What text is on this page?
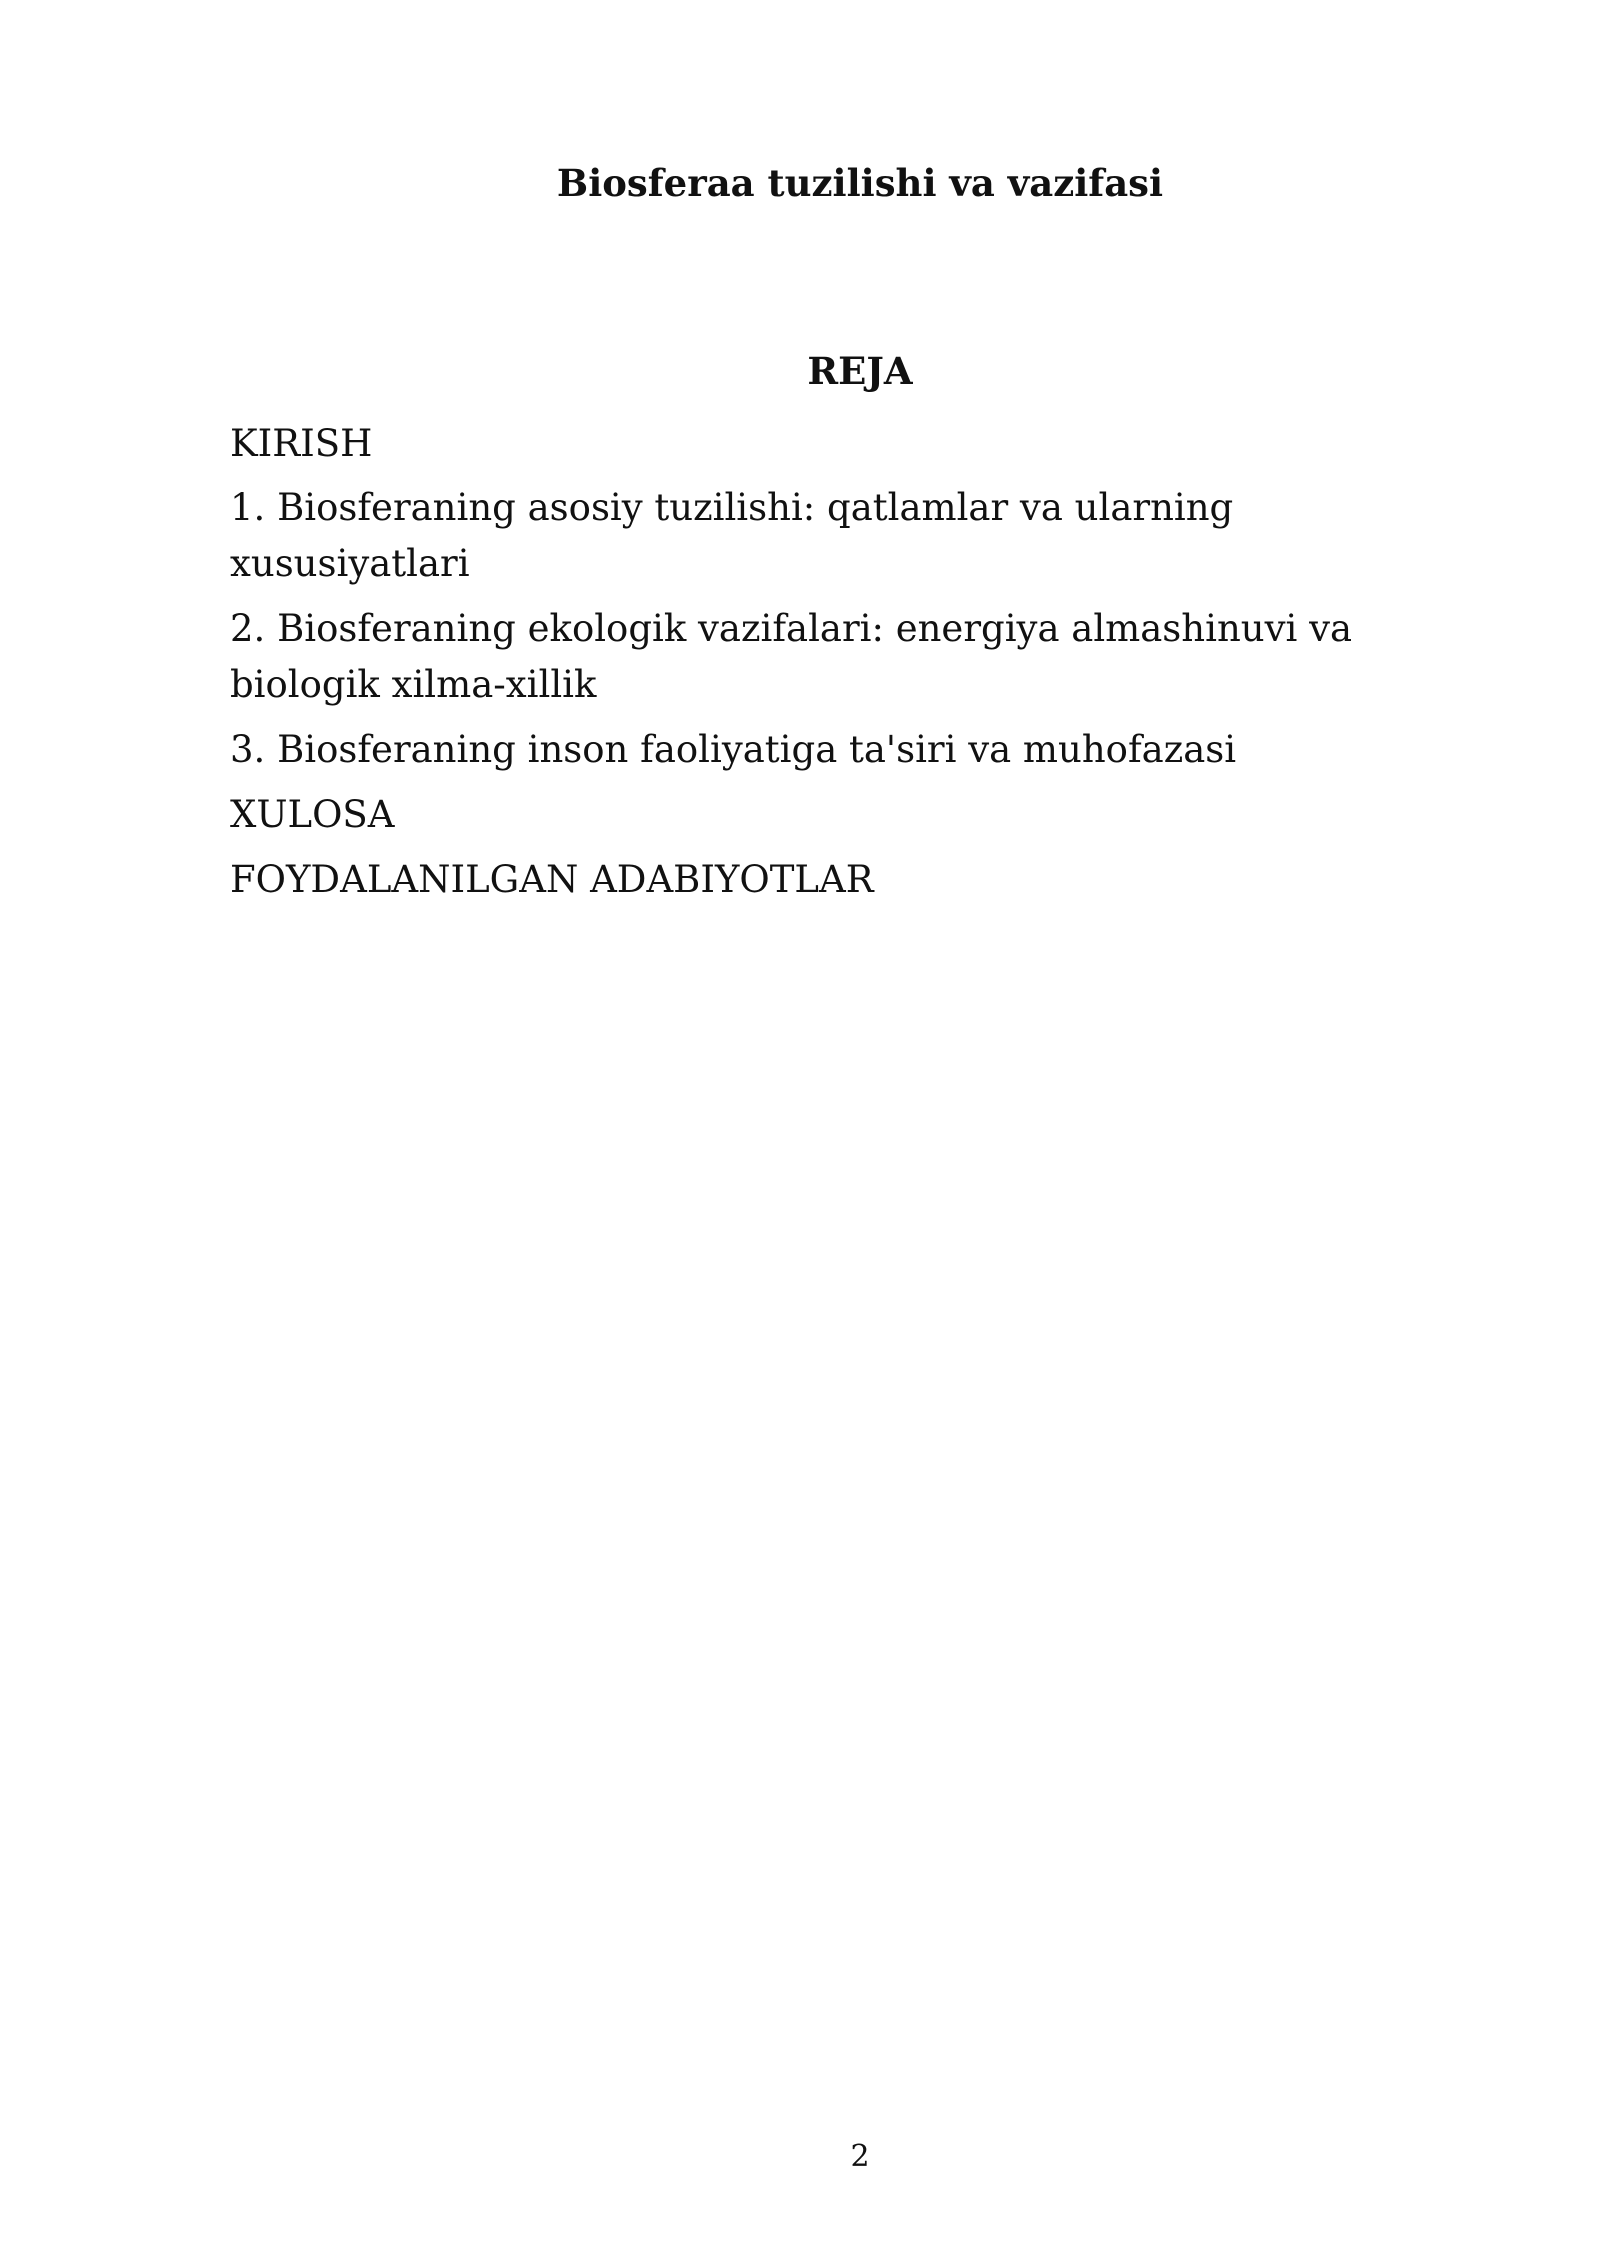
Biosferaa tuzilishi va vazifasi
REJA
KIRISH
1. Biosferaning asosiy tuzilishi: qatlamlar va ularning xususiyatlari
2. Biosferaning ekologik vazifalari: energiya almashinuvi va biologik xilma-xillik
3. Biosferaning inson faoliyatiga ta'siri va muhofazasi
XULOSA
FOYDALANILGAN ADABIYOTLAR
2
